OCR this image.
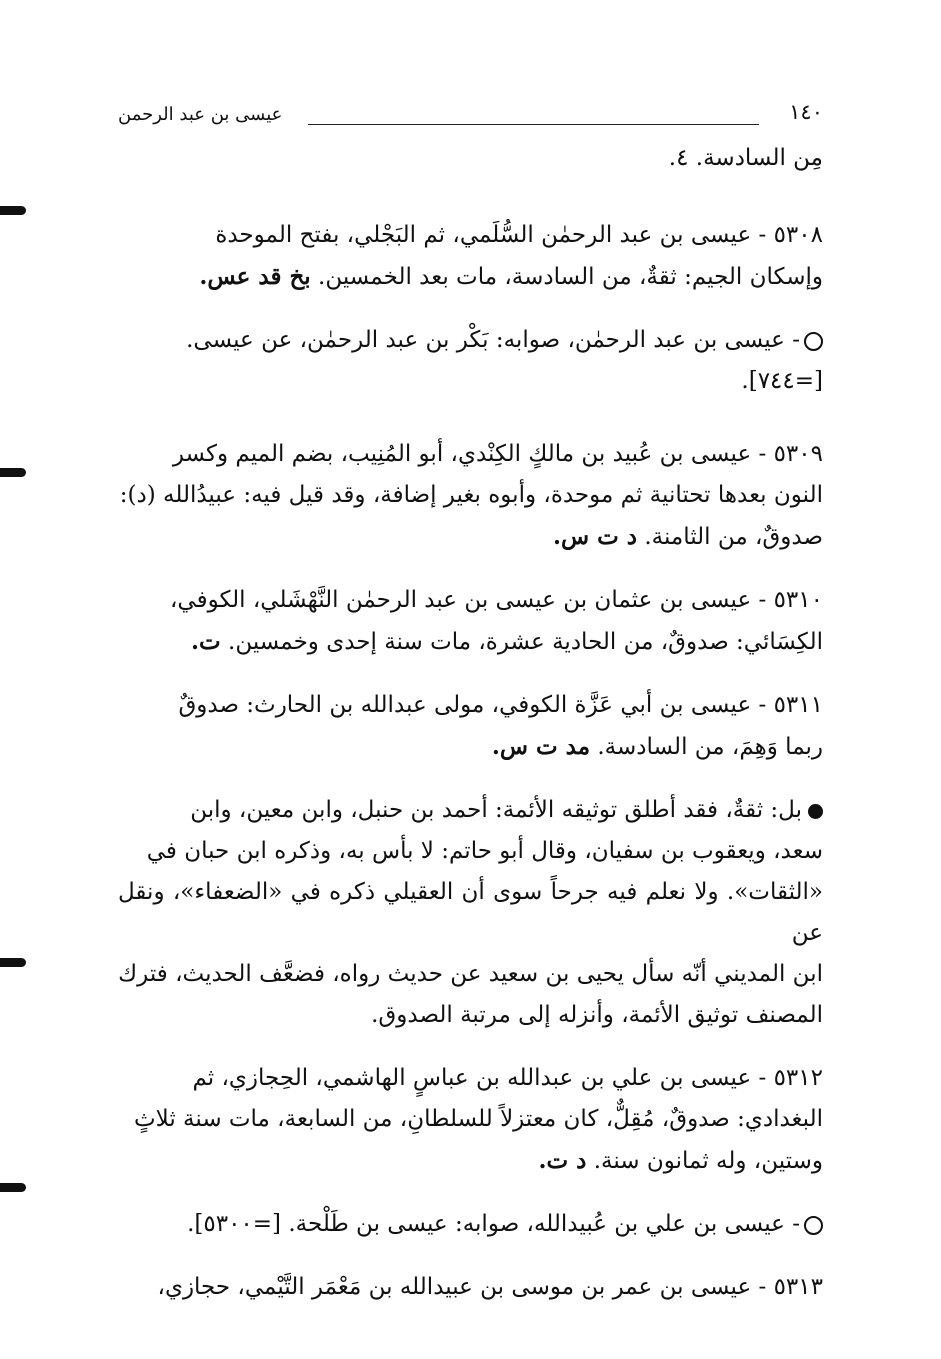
١٤٠
عيسى بن عبد الرحمن

مِن السادسة. ٤.

٥٣٠٨ - عيسى بن عبد الرحمٰن السُّلَمي، ثم البَجْلي، بفتح الموحدة
وإسكان الجيم: ثقةٌ، من السادسة، مات بعد الخمسين. بخ قد عس.

- عيسى بن عبد الرحمٰن، صوابه: بَكْر بن عبد الرحمٰن، عن عيسى.
[=٧٤٤].

٥٣٠٩ - عيسى بن عُبيد بن مالكٍ الكِنْدي، أبو المُنِيب، بضم الميم وكسر
النون بعدها تحتانية ثم موحدة، وأبوه بغير إضافة، وقد قيل فيه: عبيدُالله (د):
صدوقٌ، من الثامنة. د ت س.

٥٣١٠ - عيسى بن عثمان بن عيسى بن عبد الرحمٰن النَّهْشَلي، الكوفي،
الكِسَائي: صدوقٌ، من الحادية عشرة، مات سنة إحدى وخمسين. ت.

٥٣١١ - عيسى بن أبي عَزَّة الكوفي، مولى عبدالله بن الحارث: صدوقٌ
ربما وَهِمَ، من السادسة. مد ت س.

بل: ثقةٌ، فقد أطلق توثيقه الأئمة: أحمد بن حنبل، وابن معين، وابن
سعد، ويعقوب بن سفيان، وقال أبو حاتم: لا بأس به، وذكره ابن حبان في
«الثقات». ولا نعلم فيه جرحاً سوى أن العقيلي ذكره في «الضعفاء»، ونقل عن
ابن المديني أنّه سأل يحيى بن سعيد عن حديث رواه، فضعَّف الحديث، فترك
المصنف توثيق الأئمة، وأنزله إلى مرتبة الصدوق.

٥٣١٢ - عيسى بن علي بن عبدالله بن عباسٍ الهاشمي، الحِجازي، ثم
البغدادي: صدوقٌ، مُقِلٌّ، كان معتزلاً للسلطانِ، من السابعة، مات سنة ثلاثٍ
وستين، وله ثمانون سنة. د ت.

- عيسى بن علي بن عُبيدالله، صوابه: عيسى بن طَلْحة. [=٥٣٠٠].

٥٣١٣ - عيسى بن عمر بن موسى بن عبيدالله بن مَعْمَر التَّيْمي، حجازي،
